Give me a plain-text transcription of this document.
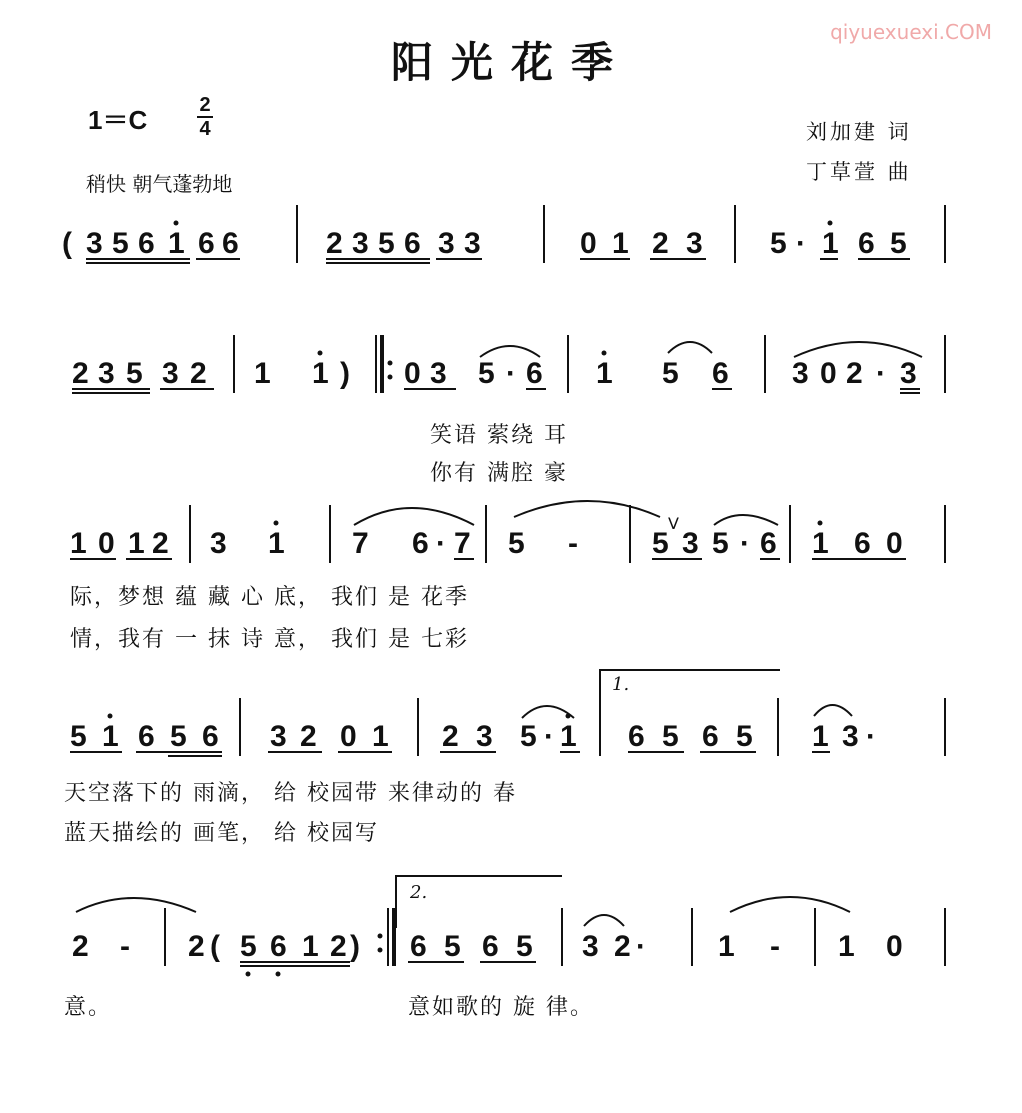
阳光花季
qiyuexuexi.COM
1＝C	2
4
稍快 朝气蓬勃地
刘加建 词
丁草萱 曲
( 3 5 6 1 6 6	2 3 5 6 3 3	0 1 2 3 5 · 1 6 5
2 3 5 3 2 1 1 ) 0 3 5 · 6 1 5 6 3 0 2 · 3
笑语 萦绕 耳
你有 满腔 豪
1 0 1 2 3 1 7 6 · 7 5 - 5 3 5 · 6 1 6 0
V
际，梦想 蕴 藏 心 底， 我们 是 花季
情，我有 一 抹 诗 意， 我们 是 七彩
1.
5 1 6 5 6 3 2 0 1 2 3 5 · 1 6 5 6 5 1 3 ·
天空落下的 雨滴， 给 校园带 来律动的 春
蓝天描绘的 画笔， 给 校园写
2.
2 - 2 ( 5 6 1 2 ) 6 5 6 5 3 2 · 1 - 1 0
意。	意如歌的 旋 律。
